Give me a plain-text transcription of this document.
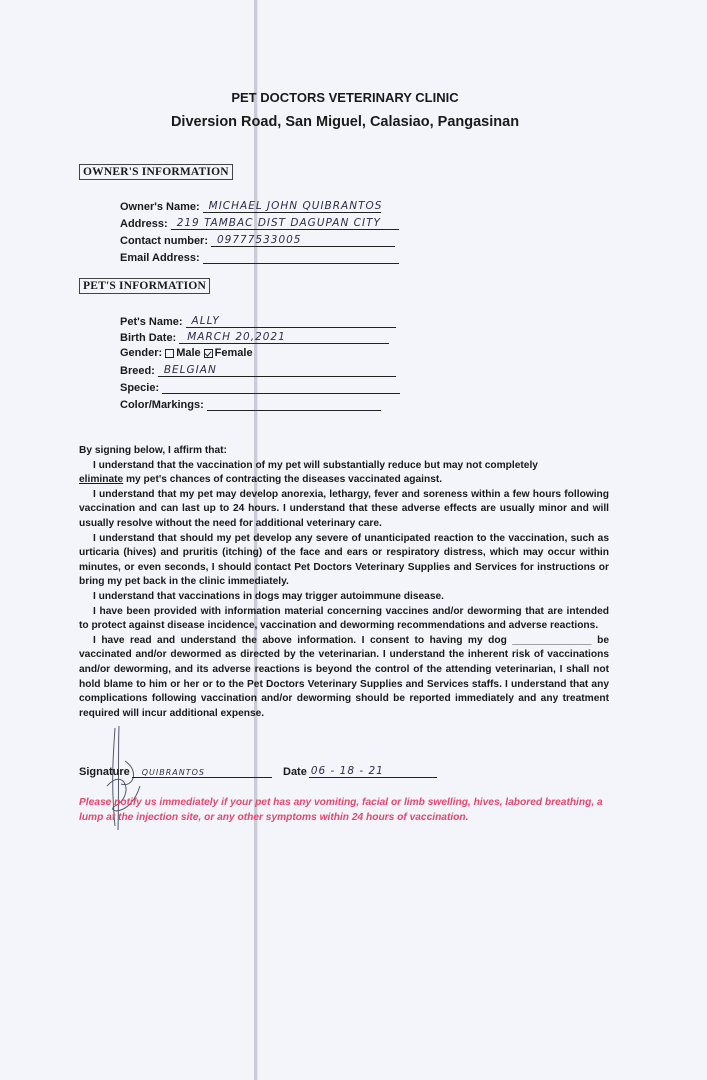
PET DOCTORS VETERINARY CLINIC
Diversion Road, San Miguel, Calasiao, Pangasinan
OWNER'S INFORMATION
Owner's Name: MICHAEL JOHN QUIBRANTOS
Address: 219 TAMBAC DIST DAGUPAN CITY
Contact number: 09777533005
Email Address:
PET'S INFORMATION
Pet's Name: ALLY
Birth Date: MARCH 20,2021
Gender: Male Female
Breed: BELGIAN
Specie:
Color/Markings:

By signing below, I affirm that:

I understand that the vaccination of my pet will substantially reduce but may not completely
eliminate my pet's chances of contracting the diseases vaccinated against.

I understand that my pet may develop anorexia, lethargy, fever and soreness within a few hours following vaccination and can last up to 24 hours. I understand that these adverse effects are usually minor and will usually resolve without the need for additional veterinary care.

I understand that should my pet develop any severe of unanticipated reaction to the vaccination, such as urticaria (hives) and pruritis (itching) of the face and ears or respiratory distress, which may occur within minutes, or even seconds, I should contact Pet Doctors Veterinary Supplies and Services for instructions or bring my pet back in the clinic immediately.

I understand that vaccinations in dogs may trigger autoimmune disease.

I have been provided with information material concerning vaccines and/or deworming that are intended to protect against disease incidence, vaccination and deworming recommendations and adverse reactions.

I have read and understand the above information. I consent to having my dog ______________ be vaccinated and/or dewormed as directed by the veterinarian. I understand the inherent risk of vaccinations and/or deworming, and its adverse reactions is beyond the control of the attending veterinarian, I shall not hold blame to him or her or to the Pet Doctors Veterinary Supplies and Services staffs. I understand that any complications following vaccination and/or deworming should be reported immediately and any treatment required will incur additional expense.

Signature QUIBRANTOS	Date 06 - 18 - 21
Please notify us immediately if your pet has any vomiting, facial or limb swelling, hives, labored breathing, a lump at the injection site, or any other symptoms within 24 hours of vaccination.
